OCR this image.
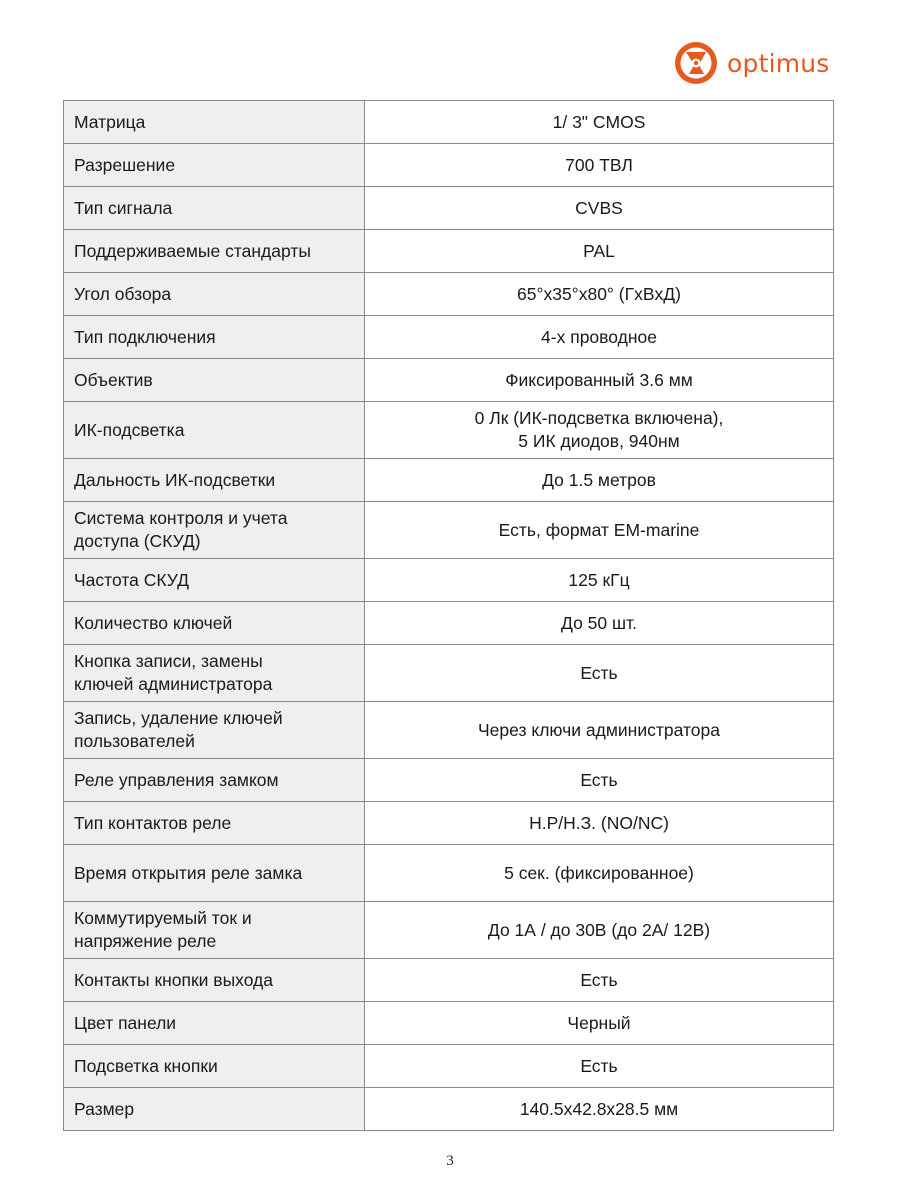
optimus
Матрица	1/ 3" CMOS
Разрешение	700 ТВЛ
Тип сигнала	CVBS
Поддерживаемые стандарты	PAL
Угол обзора	65°x35°x80° (ГxВxД)
Тип подключения	4-х проводное
Объектив	Фиксированный 3.6 мм
ИК-подсветка	0 Лк (ИК-подсветка включена),
5 ИК диодов, 940нм
Дальность ИК-подсветки	До 1.5 метров
Система контроля и учета
доступа (СКУД)	Есть, формат EM-marine
Частота СКУД	125 кГц
Количество ключей	До 50 шт.
Кнопка записи, замены
ключей администратора	Есть
Запись, удаление ключей
пользователей	Через ключи администратора
Реле управления замком	Есть
Тип контактов реле	Н.Р/Н.З. (NO/NC)
Время открытия реле замка	5 сек. (фиксированное)
Коммутируемый ток и
напряжение реле	До 1А / до 30В (до 2А/ 12В)
Контакты кнопки выхода	Есть
Цвет панели	Черный
Подсветка кнопки	Есть
Размер	140.5x42.8x28.5 мм
3
